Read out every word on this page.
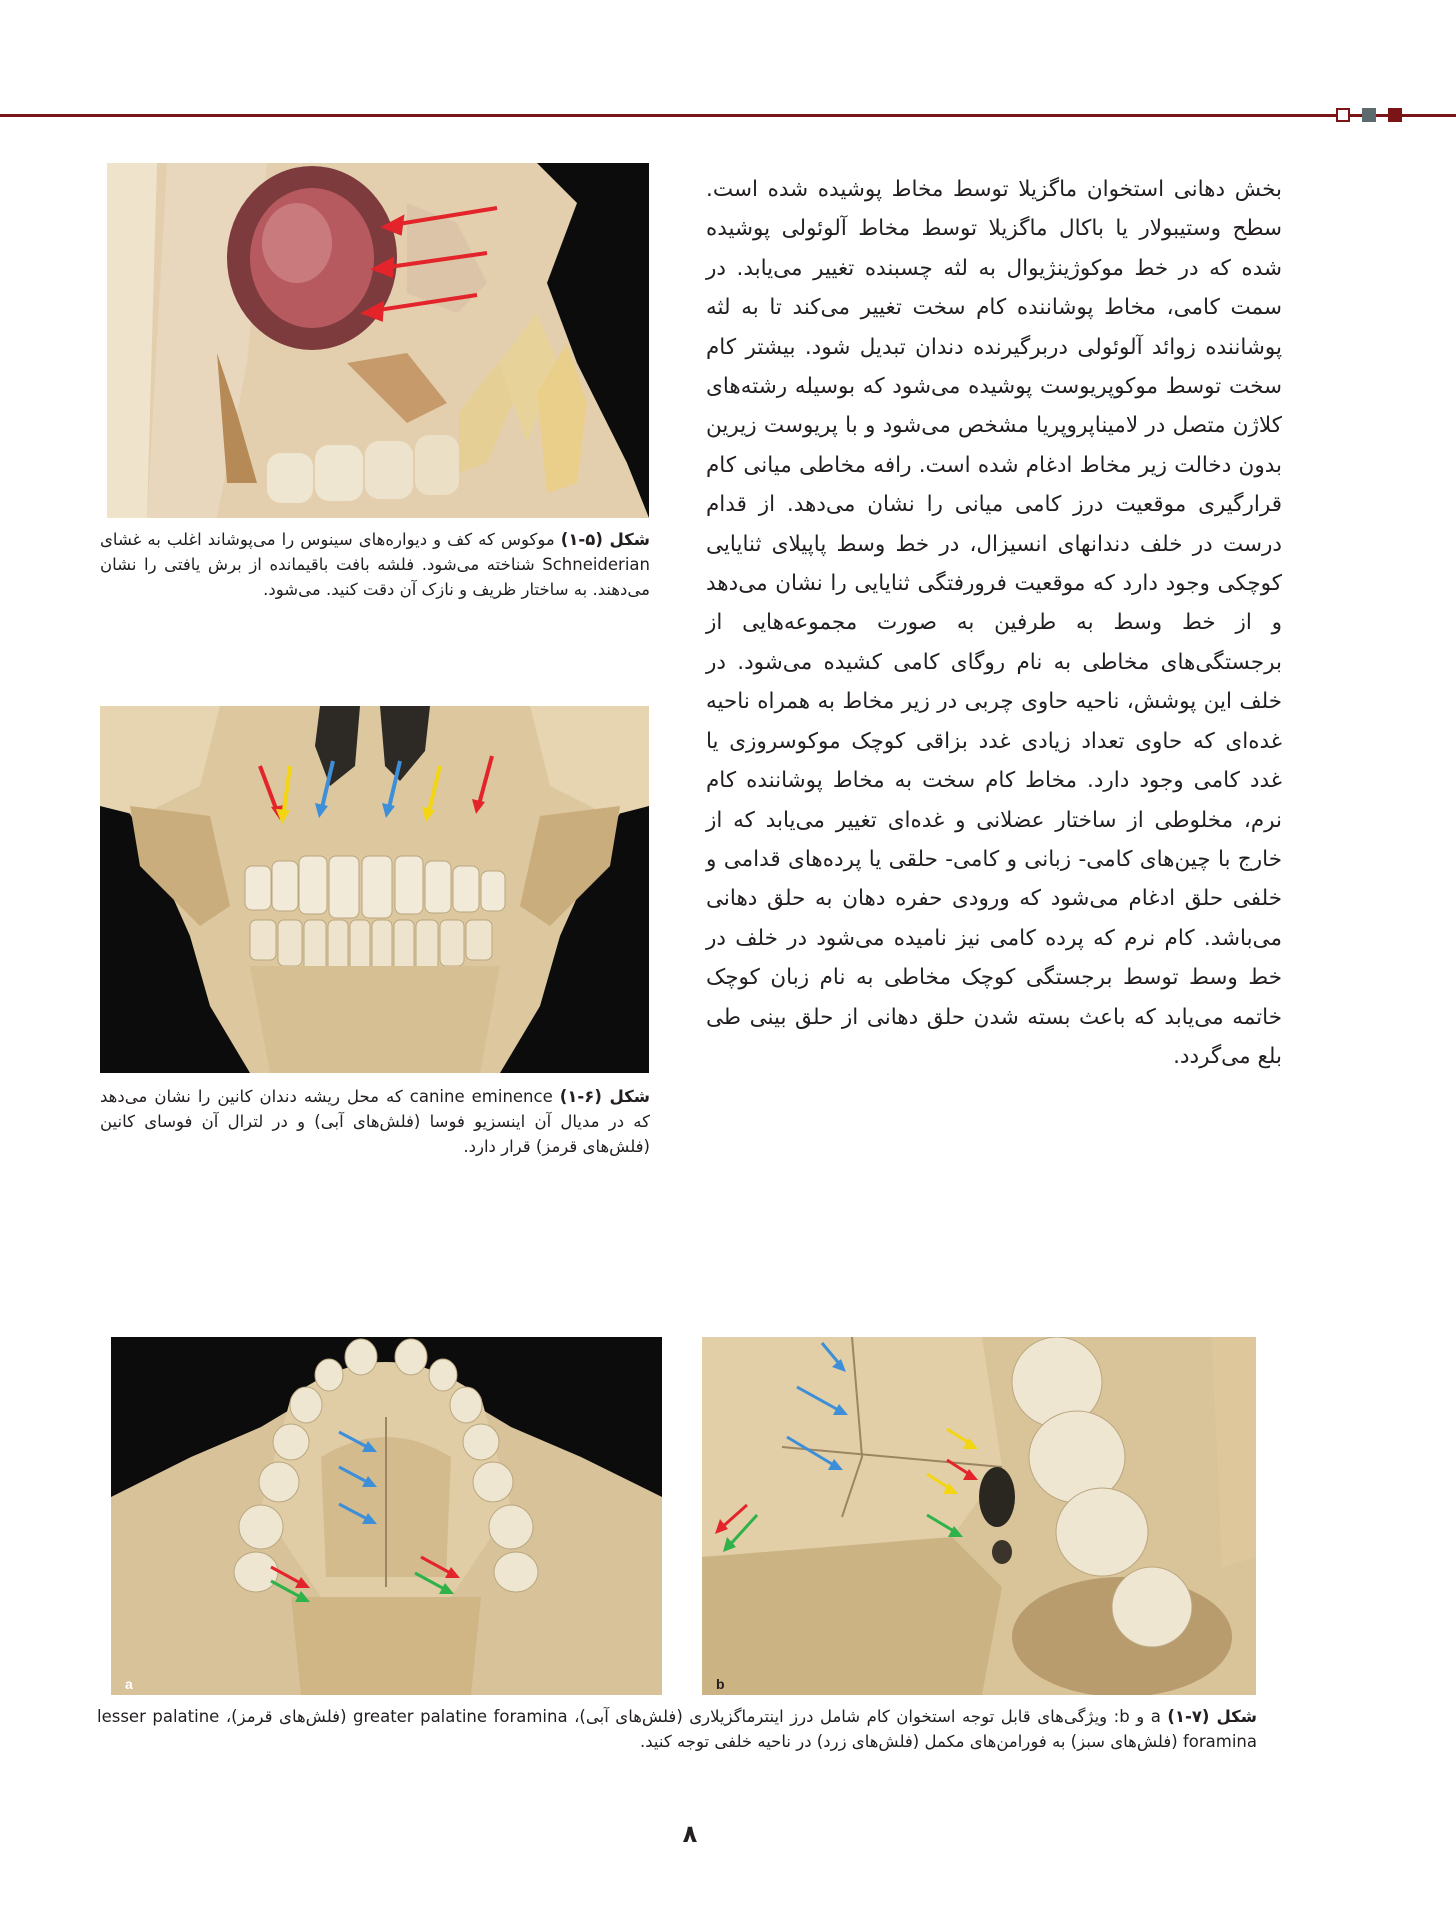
بخش دهانی استخوان ماگزیلا توسط مخاط پوشیده شده است. سطح وستیبولار یا باکال ماگزیلا توسط مخاط آلوئولی پوشیده شده که در خط موکوژینژیوال به لثه چسبنده تغییر می‌یابد. در سمت کامی، مخاط پوشاننده کام سخت تغییر می‌کند تا به لثه پوشاننده زوائد آلوئولی دربرگیرنده دندان تبدیل شود. بیشتر کام سخت توسط موکوپریوست پوشیده می‌شود که بوسیله رشته‌های کلاژن متصل در لامیناپروپریا مشخص می‌شود و با پریوست زیرین بدون دخالت زیر مخاط ادغام شده است. رافه مخاطی میانی کام قرارگیری موقعیت درز کامی میانی را نشان می‌دهد. از قدام درست در خلف دندانهای انسیزال، در خط وسط پاپیلای ثنایایی کوچکی وجود دارد که موقعیت فرورفتگی ثنایایی را نشان می‌دهد و از خط وسط به طرفین به صورت مجموعه‌هایی از برجستگی‌های مخاطی به نام روگای کامی کشیده می‌شود. در خلف این پوشش، ناحیه حاوی چربی در زیر مخاط به همراه ناحیه غده‌ای که حاوی تعداد زیادی غدد بزاقی کوچک موکوسروزی یا غدد کامی وجود دارد. مخاط کام سخت به مخاط پوشاننده کام نرم، مخلوطی از ساختار عضلانی و غده‌ای تغییر می‌یابد که از خارج با چین‌های کامی- زبانی و کامی- حلقی یا پرده‌های قدامی و خلفی حلق ادغام می‌شود که ورودی حفره دهان به حلق دهانی می‌باشد. کام نرم که پرده کامی نیز نامیده می‌شود در خلف در خط وسط توسط برجستگی کوچک مخاطی به نام زبان کوچک خاتمه می‌یابد که باعث بسته شدن حلق دهانی از حلق بینی طی بلع می‌گردد.

شکل (۵-۱) موکوس که کف و دیواره‌های سینوس را می‌پوشاند اغلب به غشای Schneiderian شناخته می‌شود. فلشه بافت باقیمانده از برش یافتی را نشان می‌دهند. به ساختار ظریف و نازک آن دقت کنید. می‌شود.
شکل (۶-۱) canine eminence که محل ریشه دندان کانین را نشان می‌دهد که در مدیال آن اینسزیو فوسا (فلش‌های آبی) و در لترال آن فوسای کانین (فلش‌های قرمز) قرار دارد.
a	b
شکل (۷-۱) a و b: ویژگی‌های قابل توجه استخوان کام شامل درز اینترماگزیلاری (فلش‌های آبی)، greater palatine foramina (فلش‌های قرمز)، lesser palatine foramina (فلش‌های سبز) به فورامن‌های مکمل (فلش‌های زرد) در ناحیه خلفی توجه کنید.
۸
